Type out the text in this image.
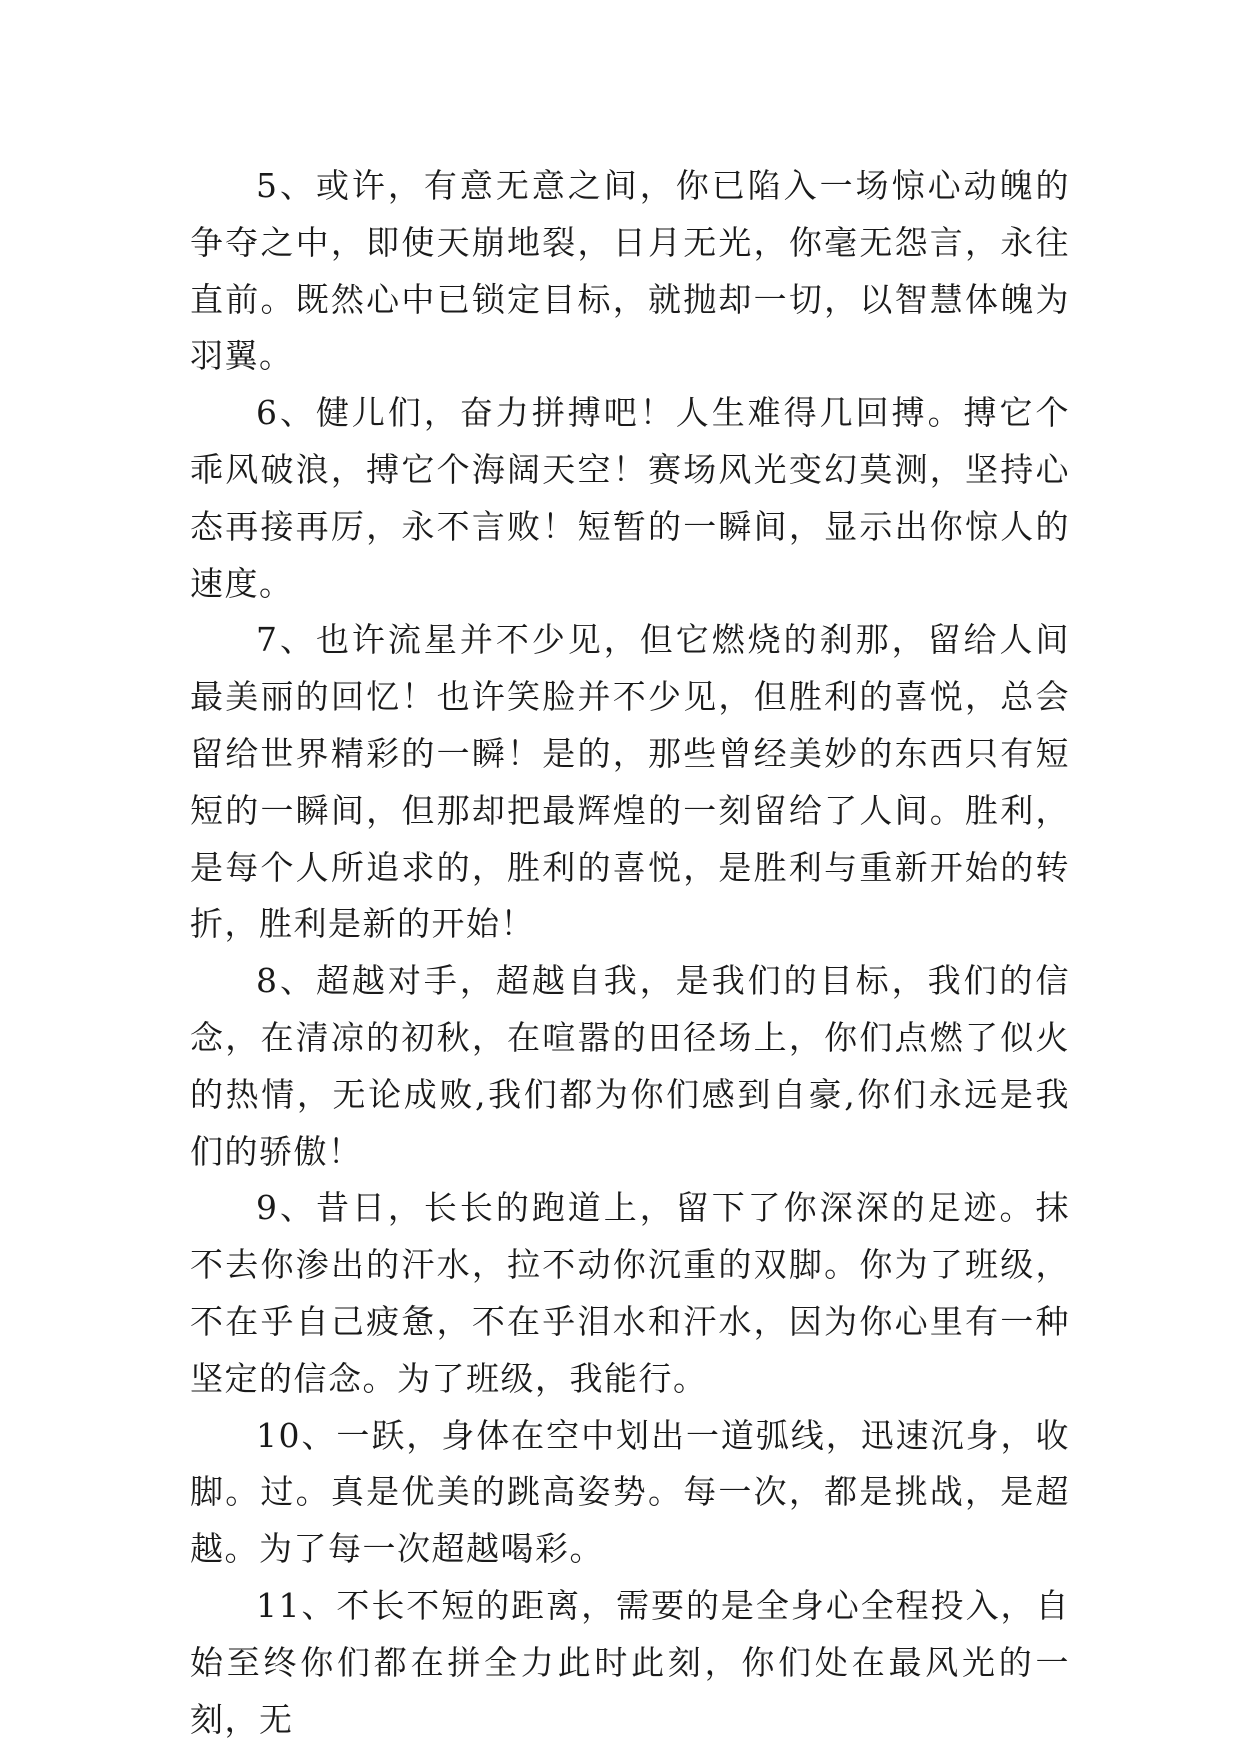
5、或许，有意无意之间，你已陷入一场惊心动魄的争夺之中，即使天崩地裂，日月无光，你毫无怨言，永往直前。既然心中已锁定目标，就抛却一切，以智慧体魄为羽翼。

6、健儿们，奋力拼搏吧！人生难得几回搏。搏它个乖风破浪，搏它个海阔天空！赛场风光变幻莫测，坚持心态再接再厉，永不言败！短暂的一瞬间，显示出你惊人的速度。

7、也许流星并不少见，但它燃烧的刹那，留给人间最美丽的回忆！也许笑脸并不少见，但胜利的喜悦，总会留给世界精彩的一瞬！是的，那些曾经美妙的东西只有短短的一瞬间，但那却把最辉煌的一刻留给了人间。胜利，是每个人所追求的，胜利的喜悦，是胜利与重新开始的转折，胜利是新的开始！

8、超越对手，超越自我，是我们的目标，我们的信念，在清凉的初秋，在喧嚣的田径场上，你们点燃了似火的热情，无论成败,我们都为你们感到自豪,你们永远是我们的骄傲！

9、昔日，长长的跑道上，留下了你深深的足迹。抹不去你渗出的汗水，拉不动你沉重的双脚。你为了班级，不在乎自己疲惫，不在乎泪水和汗水，因为你心里有一种坚定的信念。为了班级，我能行。

10、一跃，身体在空中划出一道弧线，迅速沉身，收脚。过。真是优美的跳高姿势。每一次，都是挑战，是超越。为了每一次超越喝彩。

11、不长不短的距离，需要的是全身心全程投入，自始至终你们都在拼全力此时此刻，你们处在最风光的一刻，无
